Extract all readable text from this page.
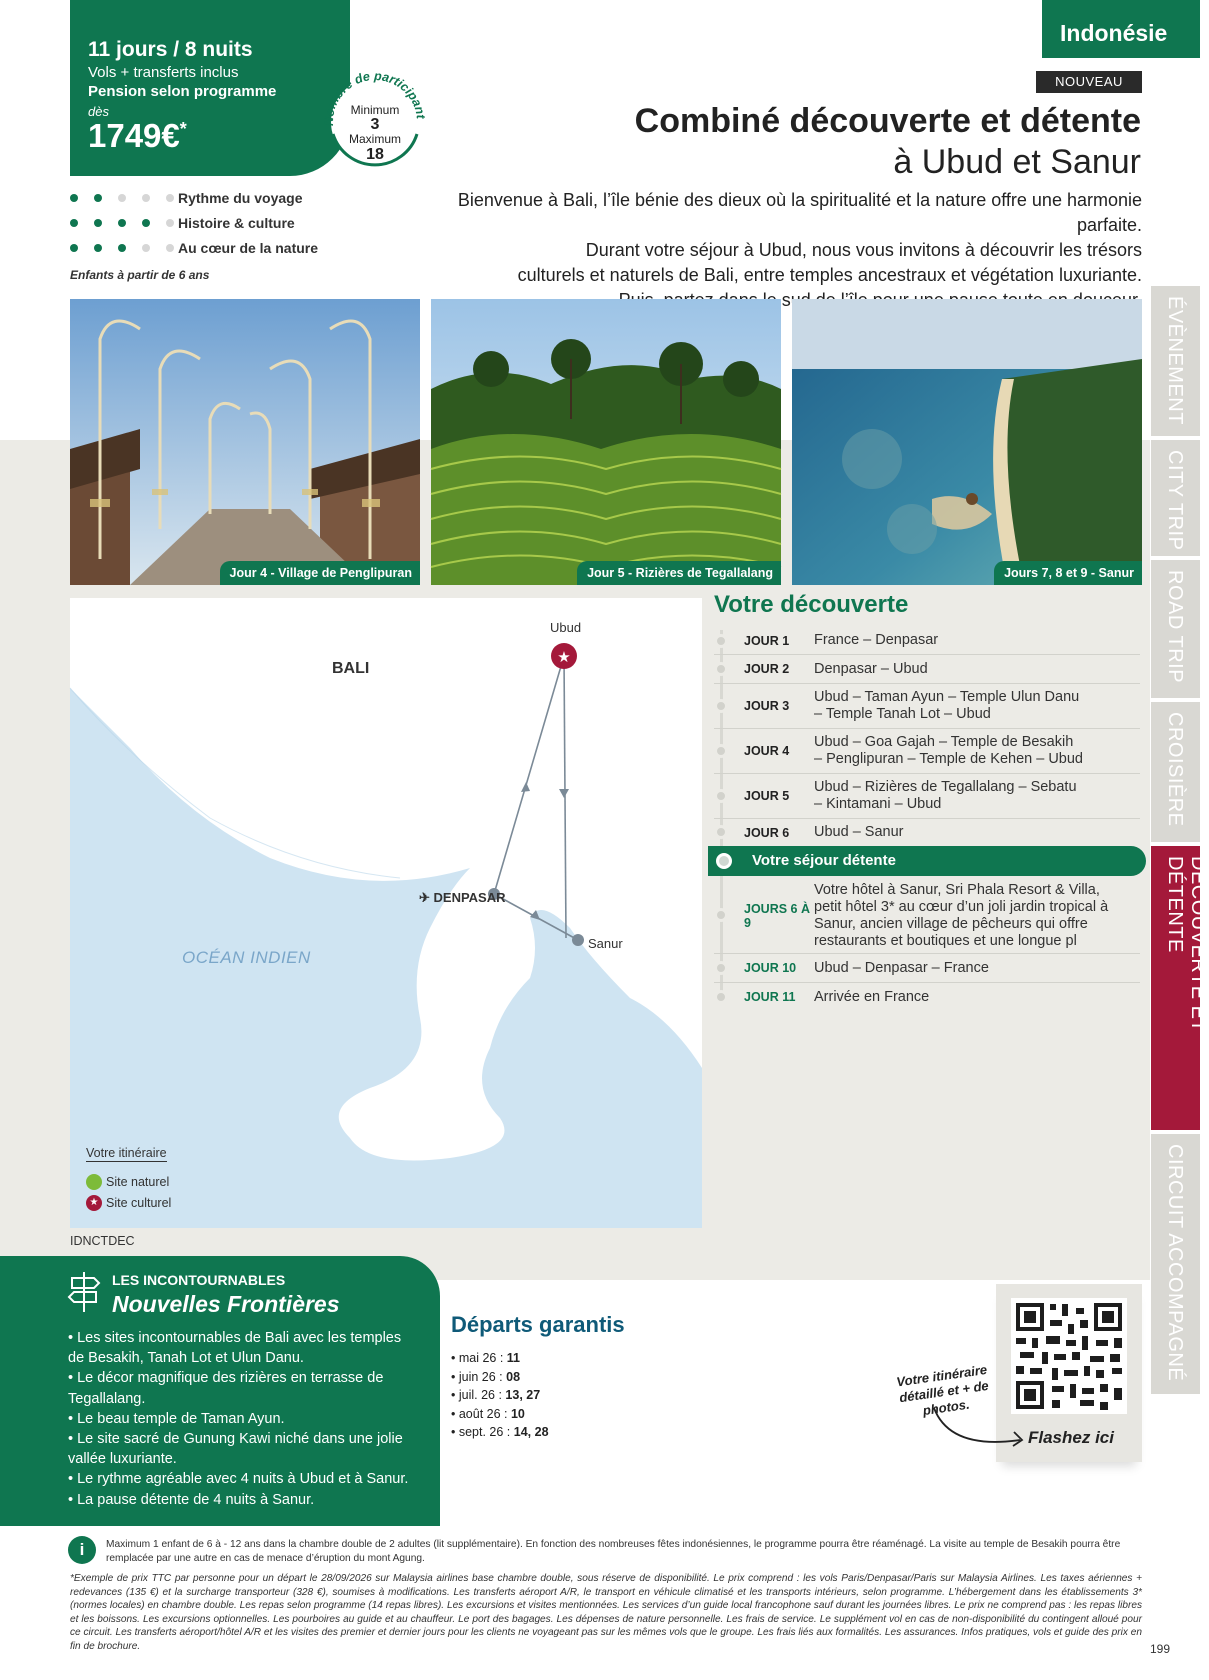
11 jours / 8 nuits
Vols + transferts inclus
Pension selon programme
dès
1749€*	Nombre de participant
Minimum
3
Maximum
18
Indonésie
NOUVEAU
Combiné découverte et détente
à Ubud et Sanur
Bienvenue à Bali, l’île bénie des dieux où la spiritualité et la nature offre une harmonie parfaite.
Durant votre séjour à Ubud, nous vous invitons à découvrir les trésors
culturels et naturels de Bali, entre temples ancestraux et végétation luxuriante.
Rythme du voyage
Histoire & culture
Au cœur de la nature
Enfants à partir de 6 ans
Jour 4 - Village de Penglipuran	Jour 5 - Rizières de Tegallalang	Jours 7, 8 et 9 - Sanur
★
BALI
Ubud
✈ DENPASAR
Sanur
OCÉAN INDIEN
Votre itinéraire
Site naturel
★ Site culturel
IDNCTDEC
Votre découverte
JOUR 1	France – Denpasar
JOUR 2	Denpasar – Ubud
JOUR 3
Ubud – Taman Ayun – Temple Ulun Danu – Temple Tanah Lot – Ubud
JOUR 4
Ubud – Goa Gajah – Temple de Besakih – Penglipuran – Temple de Kehen – Ubud
JOUR 5
Ubud – Rizières de Tegallalang – Sebatu – Kintamani – Ubud
JOUR 6	Ubud – Sanur
Votre séjour détente
JOURS 6 À 9
Votre hôtel à Sanur, Sri Phala Resort & Villa, petit hôtel 3* au cœur d’un joli jardin tropical à Sanur, ancien village de pêcheurs qui offre restaurants et boutiques et une longue pl
JOUR 10	Ubud – Denpasar – France
JOUR 11	Arrivée en France
ÉVÈNEMENT
CITY TRIP
ROAD TRIP
CROISIÈRE
DÉCOUVERTE ET DÉTENTE
CIRCUIT ACCOMPAGNÉ
LES INCONTOURNABLES
Nouvelles Frontières
• Les sites incontournables de Bali avec les temples de Besakih, Tanah Lot et Ulun Danu.
• Le décor magnifique des rizières en terrasse de Tegallalang.
• Le beau temple de Taman Ayun.
• Le site sacré de Gunung Kawi niché dans une jolie vallée luxuriante.
• Le rythme agréable avec 4 nuits à Ubud et à Sanur.
• La pause détente de 4 nuits à Sanur.
Départs garantis
• mai 26 : 11
• juin 26 : 08
• juil. 26 : 13, 27
• août 26 : 10
• sept. 26 : 14, 28
Votre itinéraire détaillé et + de photos.
Flashez ici
i	Maximum 1 enfant de 6 à - 12 ans dans la chambre double de 2 adultes (lit supplémentaire). En fonction des nombreuses fêtes indonésiennes, le programme pourra être réaménagé. La visite au temple de Besakih pourra être remplacée par une autre en cas de menace d’éruption du mont Agung.
*Exemple de prix TTC par personne pour un départ le 28/09/2026 sur Malaysia airlines base chambre double, sous réserve de disponibilité. Le prix comprend : les vols Paris/Denpasar/Paris sur Malaysia Airlines. Les taxes aériennes + redevances (135 €) et la surcharge transporteur (328 €), soumises à modifications. Les transferts aéroport A/R, le transport en véhicule climatisé et les transports intérieurs, selon programme. L’hébergement dans les établissements 3* (normes locales) en chambre double. Les repas selon programme (14 repas libres). Les excursions et visites mentionnées. Les services d’un guide local francophone sauf durant les journées libres. Le prix ne comprend pas : les repas libres et les boissons. Les excursions optionnelles. Les pourboires au guide et au chauffeur. Le port des bagages. Les dépenses de nature personnelle. Les frais de service. Le supplément vol en cas de non-disponibilité du contingent alloué pour ce circuit. Les transferts aéroport/hôtel A/R et les visites des premier et dernier jours pour les clients ne voyageant pas sur les mêmes vols que le groupe. Les frais liés aux formalités. Les assurances. Infos pratiques, vols et guide des prix en fin de brochure.	199
